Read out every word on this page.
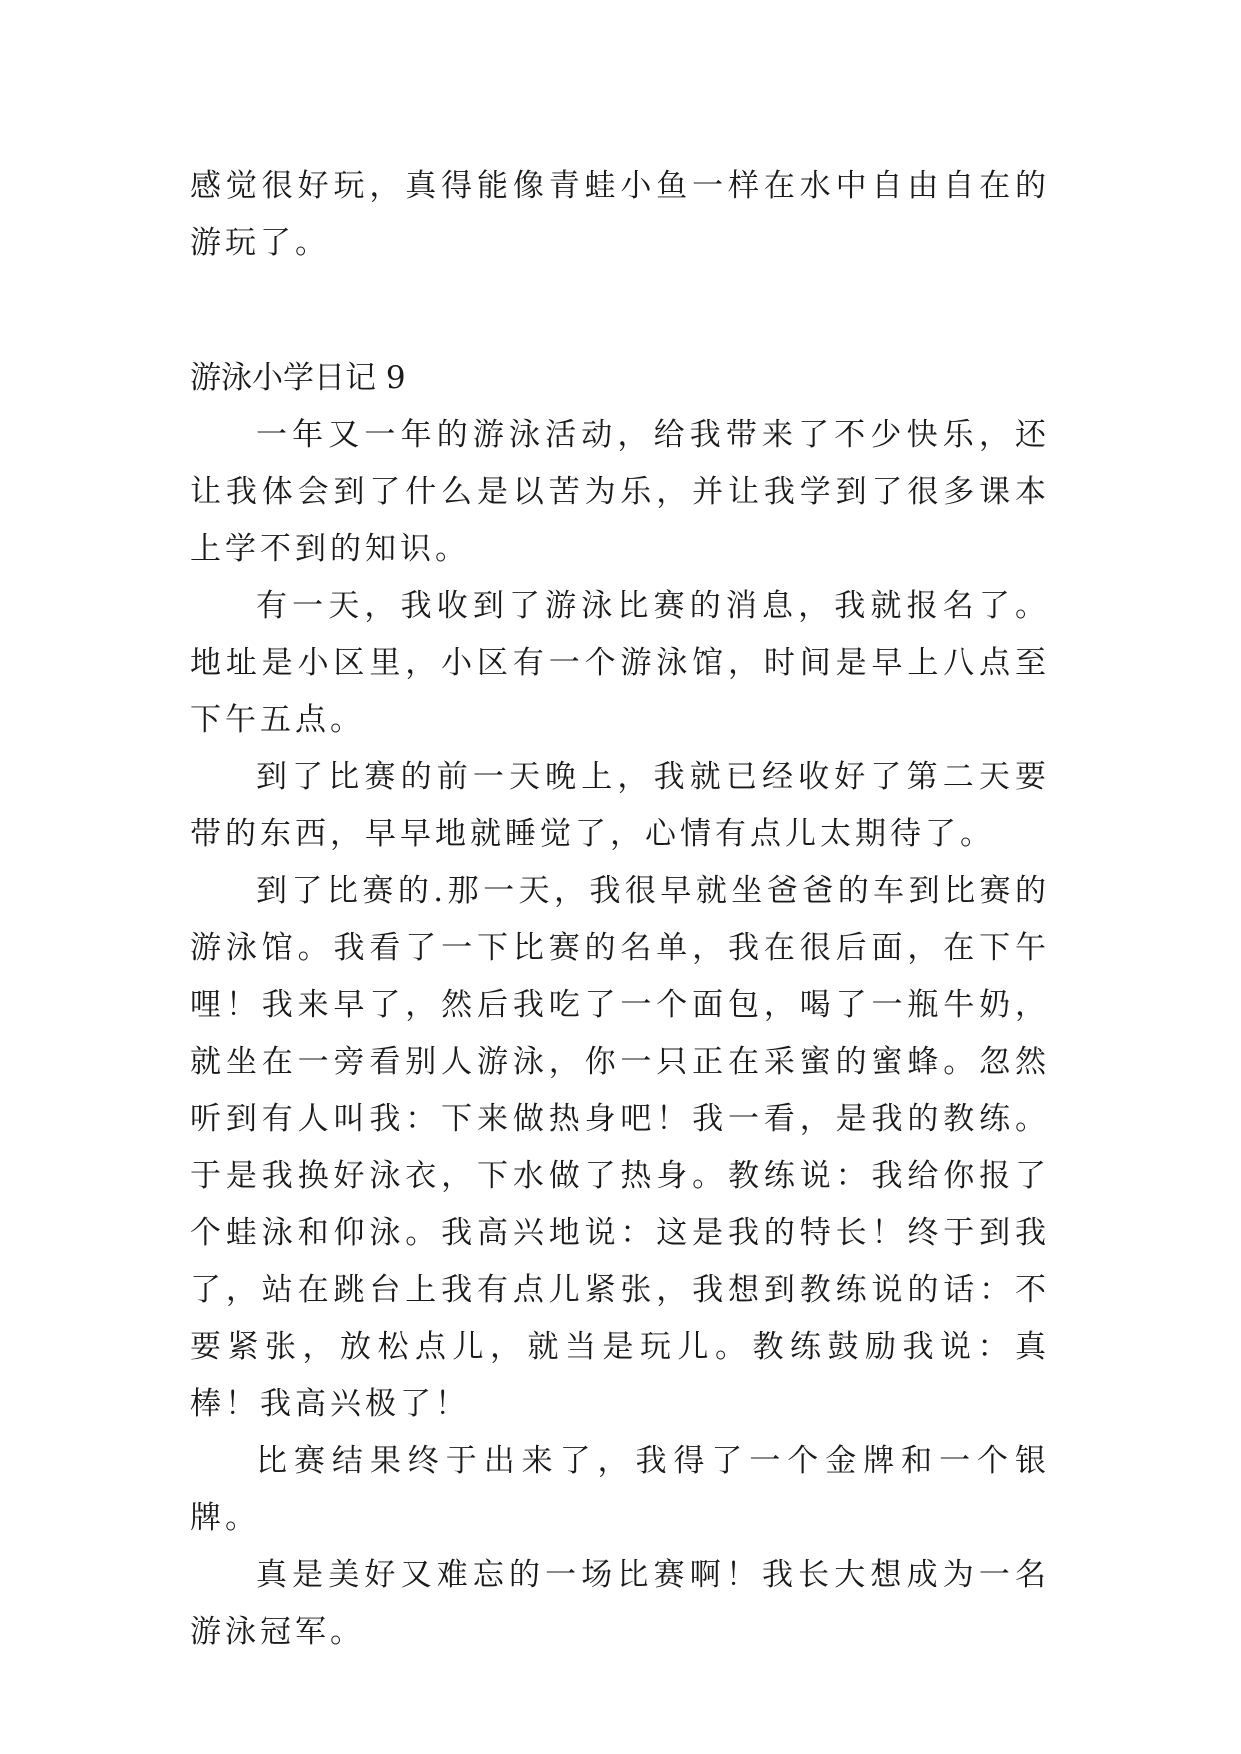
感觉很好玩，真得能像青蛙小鱼一样在水中自由自在的游玩了。

游泳小学日记 9

一年又一年的游泳活动，给我带来了不少快乐，还让我体会到了什么是以苦为乐，并让我学到了很多课本上学不到的知识。

有一天，我收到了游泳比赛的消息，我就报名了。地址是小区里，小区有一个游泳馆，时间是早上八点至下午五点。

到了比赛的前一天晚上，我就已经收好了第二天要带的东西，早早地就睡觉了，心情有点儿太期待了。

到了比赛的.那一天，我很早就坐爸爸的车到比赛的游泳馆。我看了一下比赛的名单，我在很后面，在下午哩！我来早了，然后我吃了一个面包，喝了一瓶牛奶，就坐在一旁看别人游泳，你一只正在采蜜的蜜蜂。忽然听到有人叫我：下来做热身吧！我一看，是我的教练。于是我换好泳衣，下水做了热身。教练说：我给你报了个蛙泳和仰泳。我高兴地说：这是我的特长！终于到我了，站在跳台上我有点儿紧张，我想到教练说的话：不要紧张，放松点儿，就当是玩儿。教练鼓励我说：真棒！我高兴极了！

比赛结果终于出来了，我得了一个金牌和一个银牌。

真是美好又难忘的一场比赛啊！我长大想成为一名游泳冠军。
